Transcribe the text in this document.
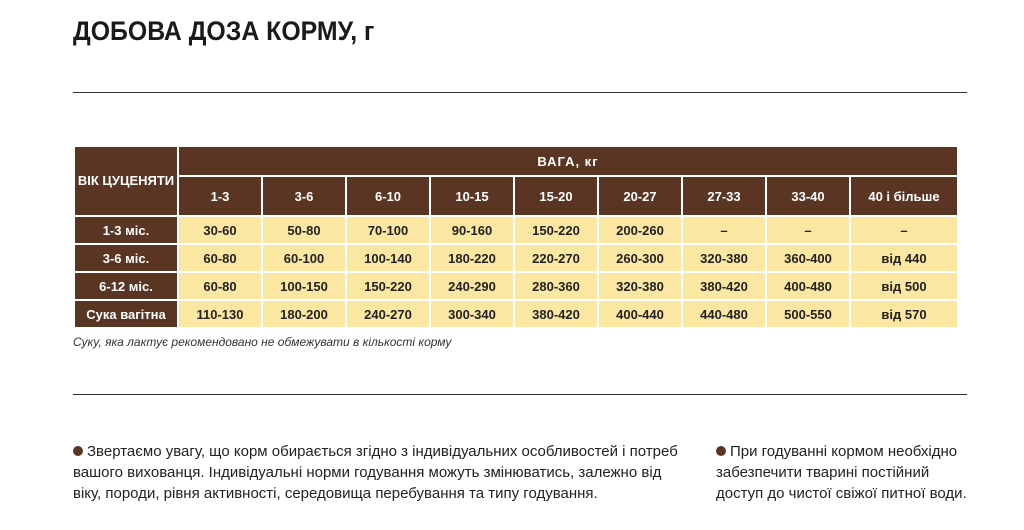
ДОБОВА ДОЗА КОРМУ, г
ВІК ЦУЦЕНЯТИ	ВАГА, кг								
	1-3	3-6	6-10	10-15	15-20	20-27	27-33	33-40	40 і більше
1-3 міс.	30-60	50-80	70-100	90-160	150-220	200-260	–	–	–
3-6 міс.	60-80	60-100	100-140	180-220	220-270	260-300	320-380	360-400	від 440
6-12 міс.	60-80	100-150	150-220	240-290	280-360	320-380	380-420	400-480	від 500
Сука вагітна	110-130	180-200	240-270	300-340	380-420	400-440	440-480	500-550	від 570
Суку, яка лактує рекомендовано не обмежувати в кількості корму
Звертаємо увагу, що корм обирається згідно з індивідуальних особливостей і потреб вашого вихованця. Індивідуальні норми годування можуть змінюватись, залежно від віку, породи, рівня активності, середовища перебування та типу годування.
При годуванні кормом необхідно забезпечити тварині постійний доступ до чистої свіжої питної води.
